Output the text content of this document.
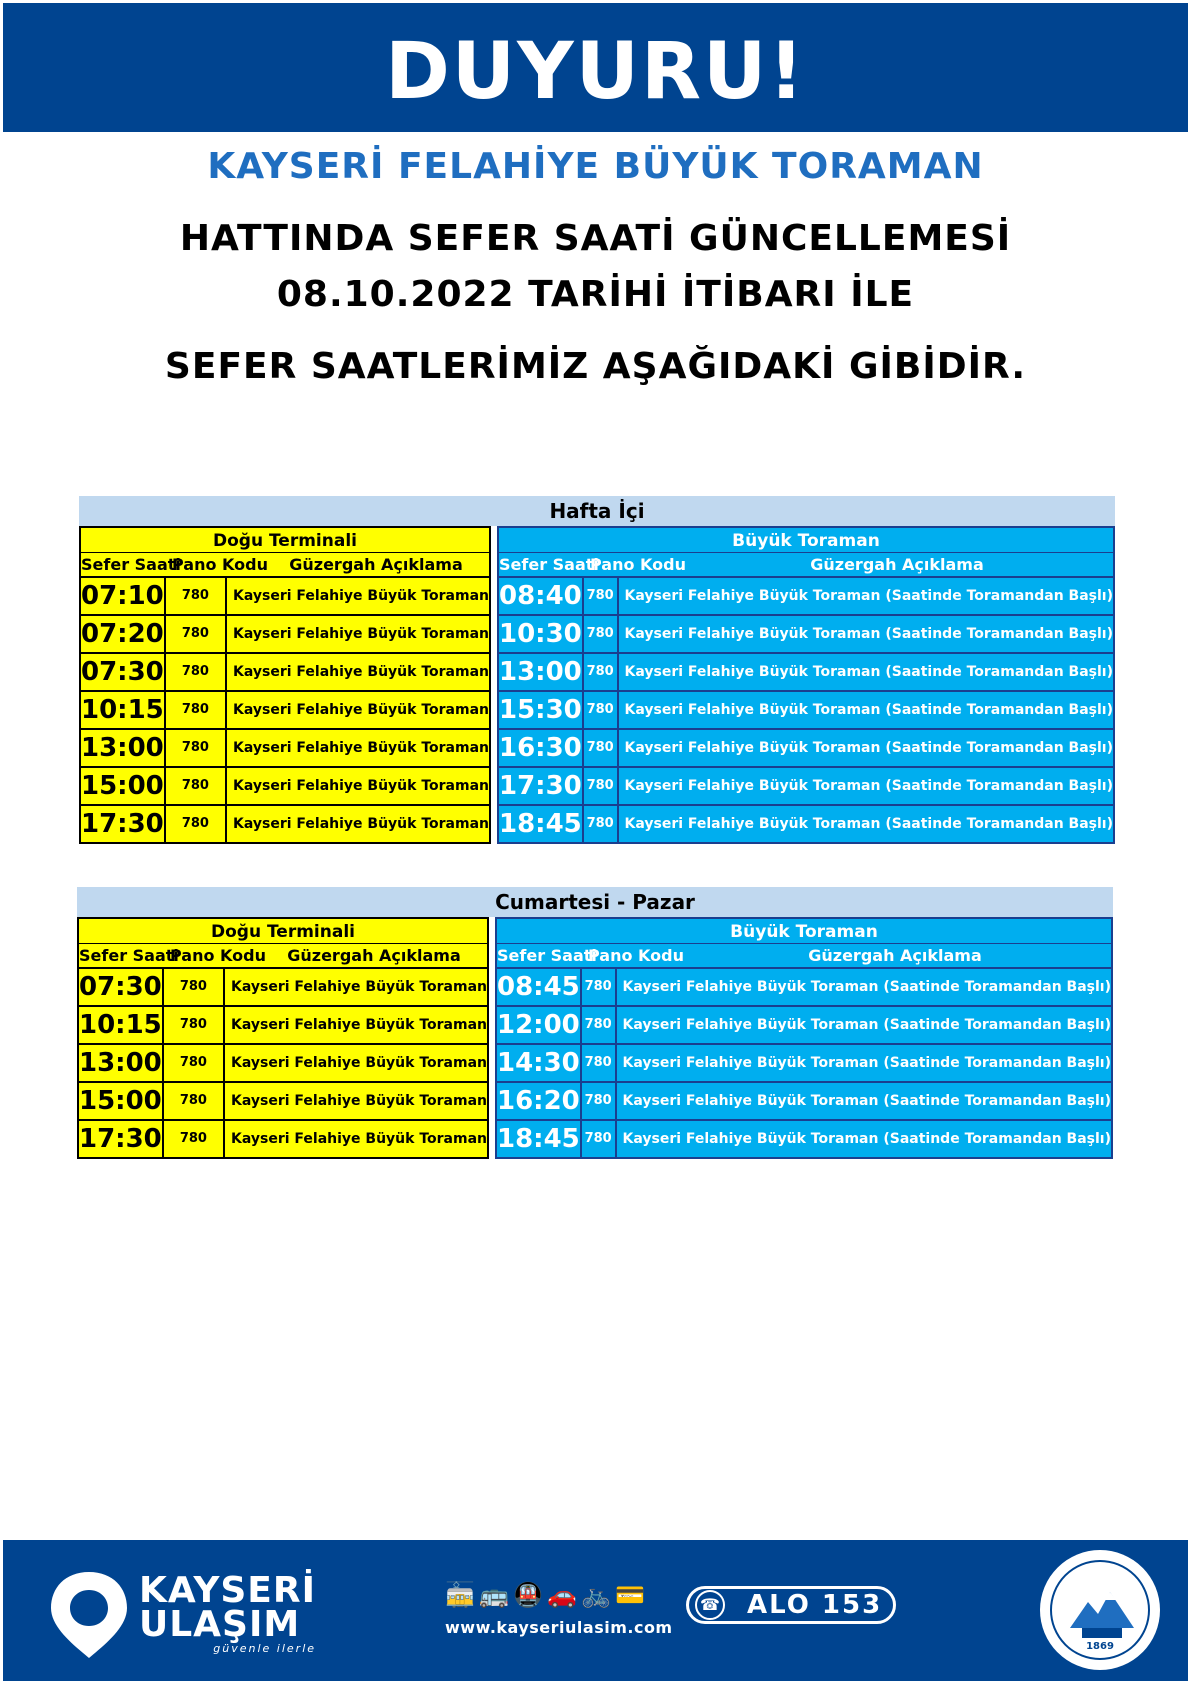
DUYURU!
KAYSERİ FELAHİYE BÜYÜK TORAMAN
HATTINDA SEFER SAATİ GÜNCELLEMESİ
08.10.2022 TARİHİ İTİBARI İLE
SEFER SAATLERİMİZ AŞAĞIDAKİ GİBİDİR.
Hafta İçi
Doğu Terminali
Sefer Saati
Pano Kodu	Güzergah Açıklama
07:10	780	Kayseri Felahiye Büyük Toraman
07:20	780	Kayseri Felahiye Büyük Toraman
07:30	780	Kayseri Felahiye Büyük Toraman
10:15	780	Kayseri Felahiye Büyük Toraman
13:00	780	Kayseri Felahiye Büyük Toraman
15:00	780	Kayseri Felahiye Büyük Toraman
17:30	780	Kayseri Felahiye Büyük Toraman
Büyük Toraman
Sefer Saati
Pano Kodu	Güzergah Açıklama
08:40 780 Kayseri Felahiye Büyük Toraman (Saatinde Toramandan Başlı)
10:30 780 Kayseri Felahiye Büyük Toraman (Saatinde Toramandan Başlı)
13:00 780 Kayseri Felahiye Büyük Toraman (Saatinde Toramandan Başlı)
15:30 780 Kayseri Felahiye Büyük Toraman (Saatinde Toramandan Başlı)
16:30 780 Kayseri Felahiye Büyük Toraman (Saatinde Toramandan Başlı)
17:30 780 Kayseri Felahiye Büyük Toraman (Saatinde Toramandan Başlı)
18:45 780 Kayseri Felahiye Büyük Toraman (Saatinde Toramandan Başlı)
Cumartesi - Pazar
Doğu Terminali
Sefer Saati
Pano Kodu	Güzergah Açıklama
07:30	780	Kayseri Felahiye Büyük Toraman
10:15	780	Kayseri Felahiye Büyük Toraman
13:00	780	Kayseri Felahiye Büyük Toraman
15:00	780	Kayseri Felahiye Büyük Toraman
17:30	780	Kayseri Felahiye Büyük Toraman
Büyük Toraman
Sefer Saati
Pano Kodu	Güzergah Açıklama
08:45 780 Kayseri Felahiye Büyük Toraman (Saatinde Toramandan Başlı)
12:00 780 Kayseri Felahiye Büyük Toraman (Saatinde Toramandan Başlı)
14:30 780 Kayseri Felahiye Büyük Toraman (Saatinde Toramandan Başlı)
16:20 780 Kayseri Felahiye Büyük Toraman (Saatinde Toramandan Başlı)
18:45 780 Kayseri Felahiye Büyük Toraman (Saatinde Toramandan Başlı)
KAYSERİ
ULAŞIM
güvenle ilerle
🚋 🚌 🚇 🚗 🚲 💳
www.kayseriulasim.com
☎ ALO 153
1869
